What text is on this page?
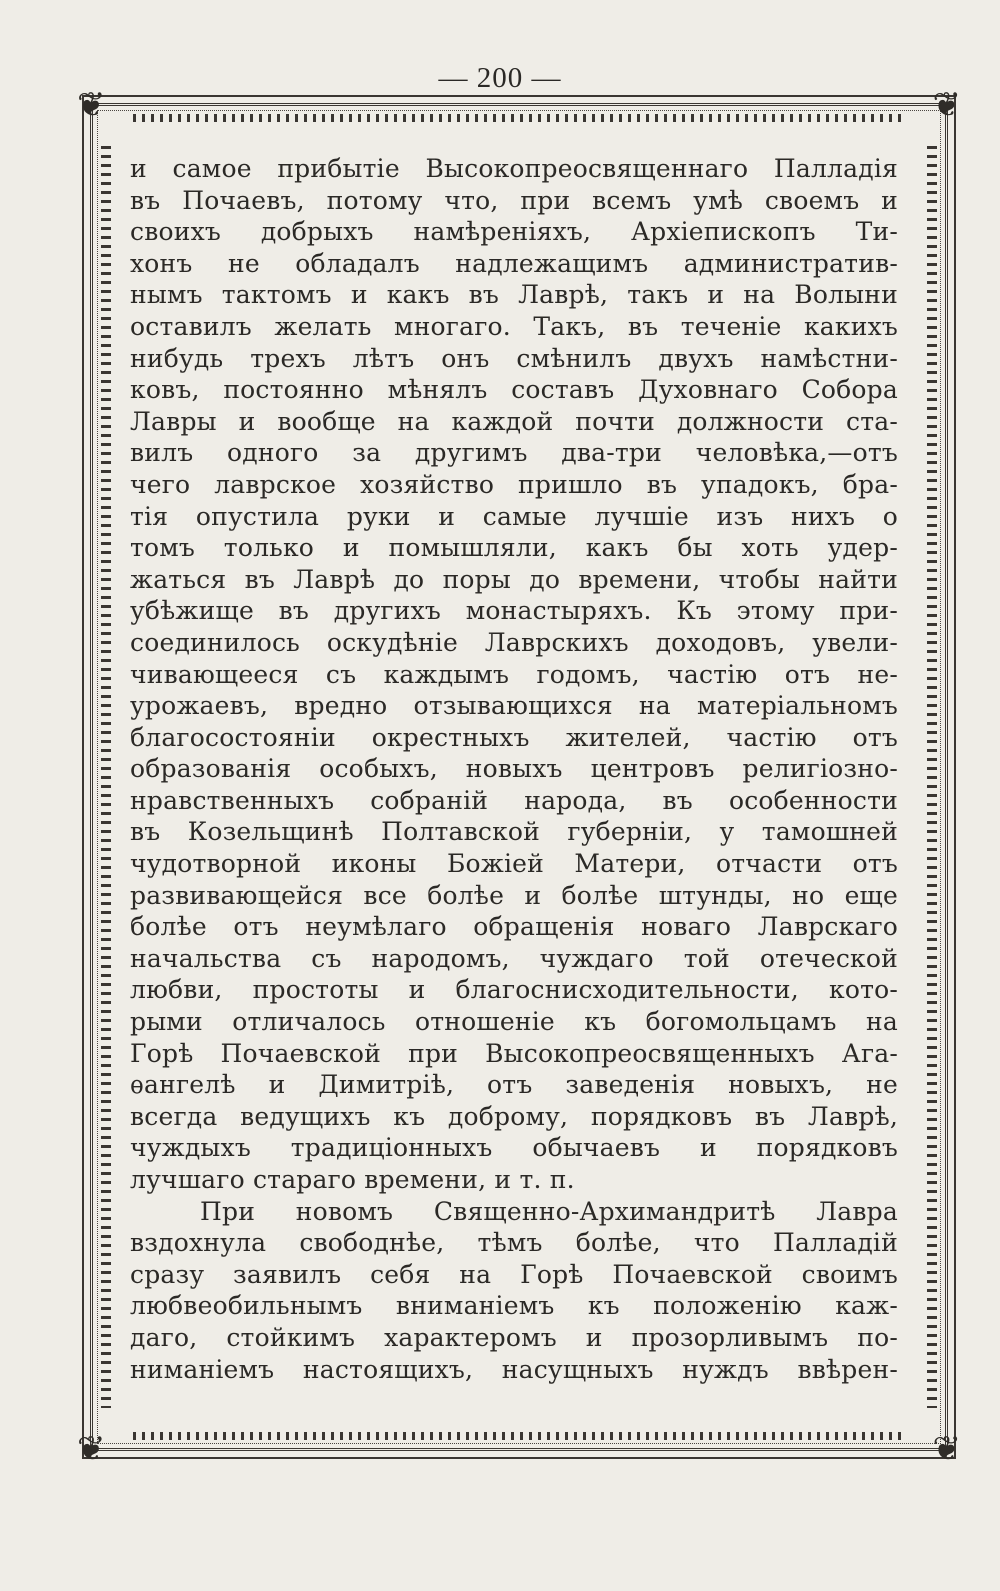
— 200 —
❦	❦
❦	❦
и самое прибытіе Высокопреосвященнаго Палладія
въ Почаевъ, потому что, при всемъ умѣ своемъ и
своихъ добрыхъ намѣреніяхъ, Архіепископъ Ти-
хонъ не обладалъ надлежащимъ административ-
нымъ тактомъ и какъ въ Лаврѣ, такъ и на Волыни
оставилъ желать многаго. Такъ, въ теченіе какихъ
нибудь трехъ лѣтъ онъ смѣнилъ двухъ намѣстни-
ковъ, постоянно мѣнялъ составъ Духовнаго Собора
Лавры и вообще на каждой почти должности ста-
вилъ одного за другимъ два-три человѣка,—отъ
чего лаврское хозяйство пришло въ упадокъ, бра-
тія опустила руки и самые лучшіе изъ нихъ о
томъ только и помышляли, какъ бы хоть удер-
жаться въ Лаврѣ до поры до времени, чтобы найти
убѣжище въ другихъ монастыряхъ. Къ этому при-
соединилось оскудѣніе Лаврскихъ доходовъ, увели-
чивающееся съ каждымъ годомъ, частію отъ не-
урожаевъ, вредно отзывающихся на матеріальномъ
благосостояніи окрестныхъ жителей, частію отъ
образованія особыхъ, новыхъ центровъ религіозно-
нравственныхъ собраній народа, въ особенности
въ Козельщинѣ Полтавской губерніи, у тамошней
чудотворной иконы Божіей Матери, отчасти отъ
развивающейся все болѣе и болѣе штунды, но еще
болѣе отъ неумѣлаго обращенія новаго Лаврскаго
начальства съ народомъ, чуждаго той отеческой
любви, простоты и благоснисходительности, кото-
рыми отличалось отношеніе къ богомольцамъ на
Горѣ Почаевской при Высокопреосвященныхъ Ага-
ѳангелѣ и Димитріѣ, отъ заведенія новыхъ, не
всегда ведущихъ къ доброму, порядковъ въ Лаврѣ,
чуждыхъ традиціонныхъ обычаевъ и порядковъ
лучшаго стараго времени, и т. п.
При новомъ Священно-Архимандритѣ Лавра
вздохнула свободнѣе, тѣмъ болѣе, что Палладій
сразу заявилъ себя на Горѣ Почаевской своимъ
любвеобильнымъ вниманіемъ къ положенію каж-
даго, стойкимъ характеромъ и прозорливымъ по-
ниманіемъ настоящихъ, насущныхъ нуждъ ввѣрен-
